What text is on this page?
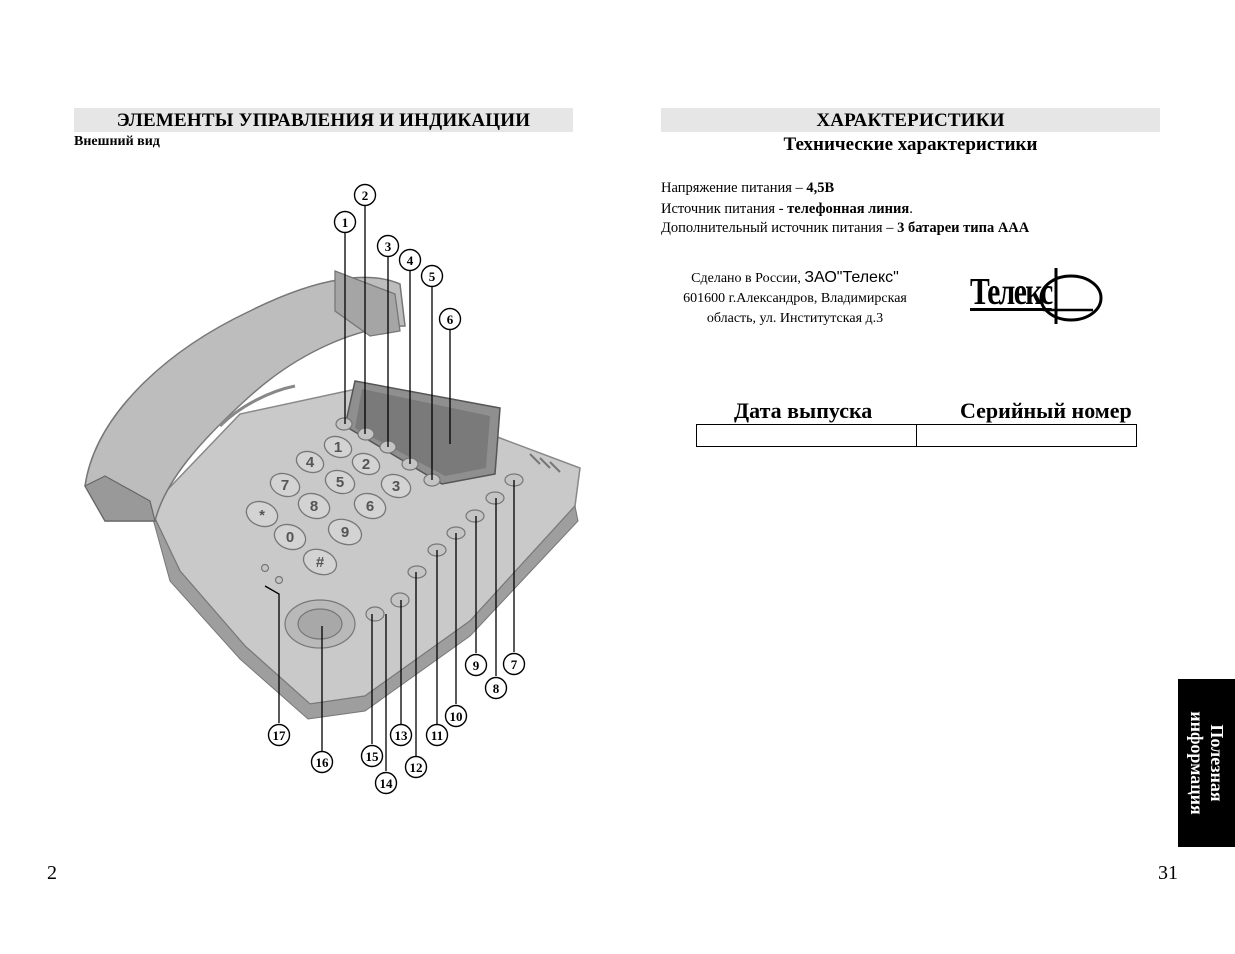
ЭЛЕМЕНТЫ УПРАВЛЕНИЯ И ИНДИКАЦИИ
Внешний вид
1
2
3
4
5
6
7
8
9
*
0
#
1
2
3
4
5
6
7
8
9
10
11
12
13
14
15
16
17
2
ХАРАКТЕРИСТИКИ
Технические характеристики
Напряжение питания – 4,5В
Источник питания - телефонная линия.
Дополнительный источник питания – 3 батареи типа AAA
Сделано в России, ЗАО"Телекс"
601600 г.Александров, Владимирская
область, ул. Институтская д.3
Телекс
Дата выпуска	Серийный номер

31
Полезная информация
